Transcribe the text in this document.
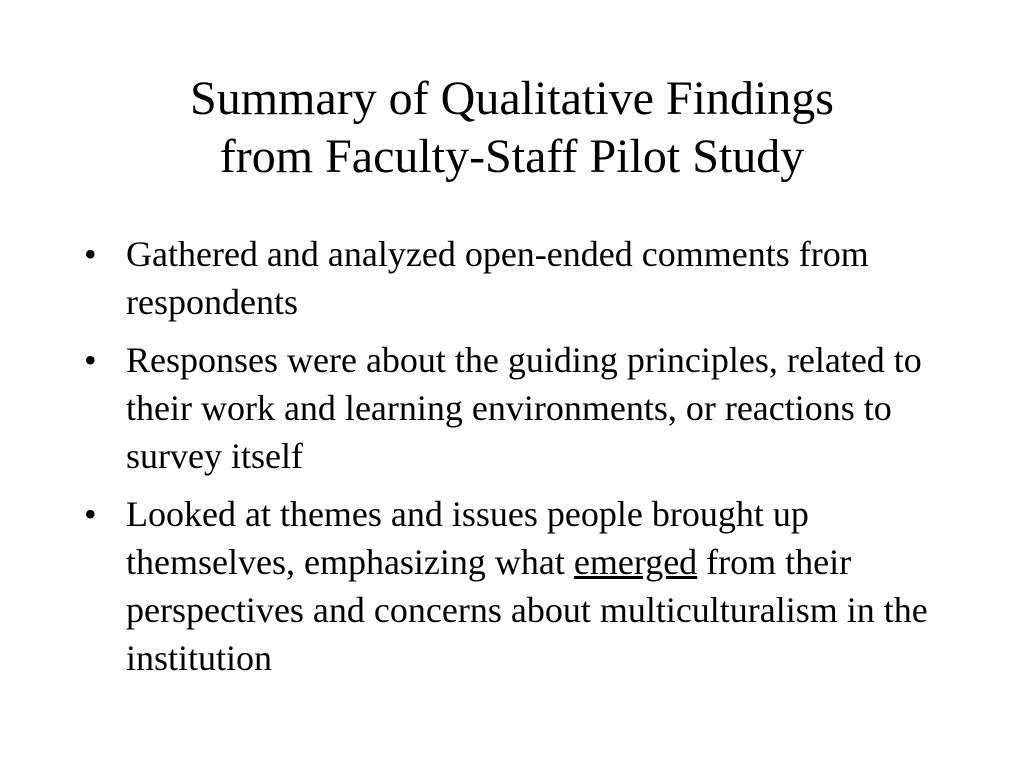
Summary of Qualitative Findings
from Faculty-Staff Pilot Study
• Gathered and analyzed open-ended comments from respondents
• Responses were about the guiding principles, related to their work and learning environments, or reactions to survey itself
• Looked at themes and issues people brought up themselves, emphasizing what emerged from their perspectives and concerns about multiculturalism in the institution
